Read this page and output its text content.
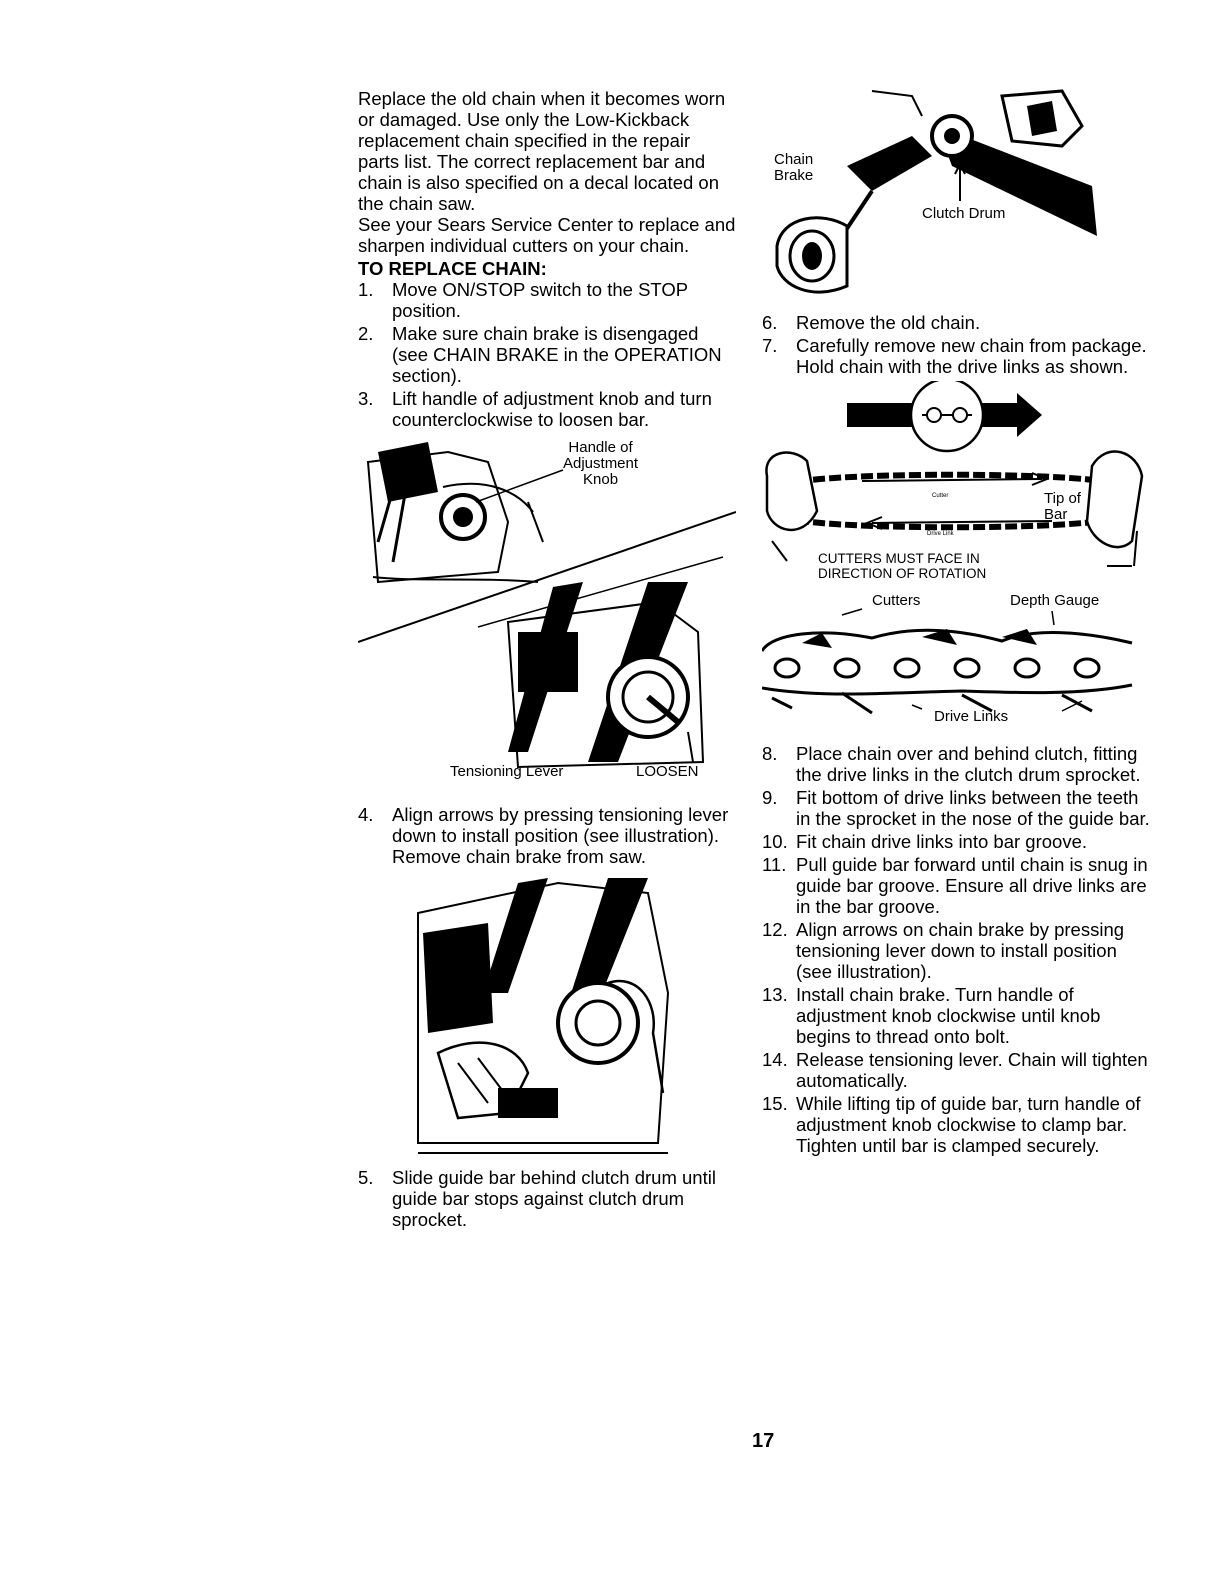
Replace the old chain when it becomes worn or damaged. Use only the Low-Kickback replacement chain specified in the repair parts list. The correct replacement bar and chain is also specified on a decal located on the chain saw.

See your Sears Service Center to replace and sharpen individual cutters on your chain.

TO REPLACE CHAIN:

1.	Move ON/STOP switch to the STOP position.
2.	Make sure chain brake is disengaged (see CHAIN BRAKE in the OPERATION section).
3.	Lift handle of adjustment knob and turn counterclockwise to loosen bar.
Handle of
Adjustment
Knob
Tensioning Lever	LOOSEN
4.	Align arrows by pressing tensioning lever down to install position (see illustration). Remove chain brake from saw.
5.	Slide guide bar behind clutch drum until guide bar stops against clutch drum sprocket.
Chain
Brake
Clutch Drum
6.	Remove the old chain.
7.	Carefully remove new chain from package. Hold chain with the drive links as shown.
Tip of
Bar
Cutter
Drive Link
CUTTERS MUST FACE IN
DIRECTION OF ROTATION
Cutters	Depth Gauge
Drive Links
8.	Place chain over and behind clutch, fitting the drive links in the clutch drum sprocket.
9.	Fit bottom of drive links between the teeth in the sprocket in the nose of the guide bar.
10. Fit chain drive links into bar groove.
11. Pull guide bar forward until chain is snug in guide bar groove. Ensure all drive links are in the bar groove.
12. Align arrows on chain brake by pressing tensioning lever down to install position (see illustration).
13. Install chain brake. Turn handle of adjustment knob clockwise until knob begins to thread onto bolt.
14. Release tensioning lever. Chain will tighten automatically.
15. While lifting tip of guide bar, turn handle of adjustment knob clockwise to clamp bar. Tighten until bar is clamped securely.
17
